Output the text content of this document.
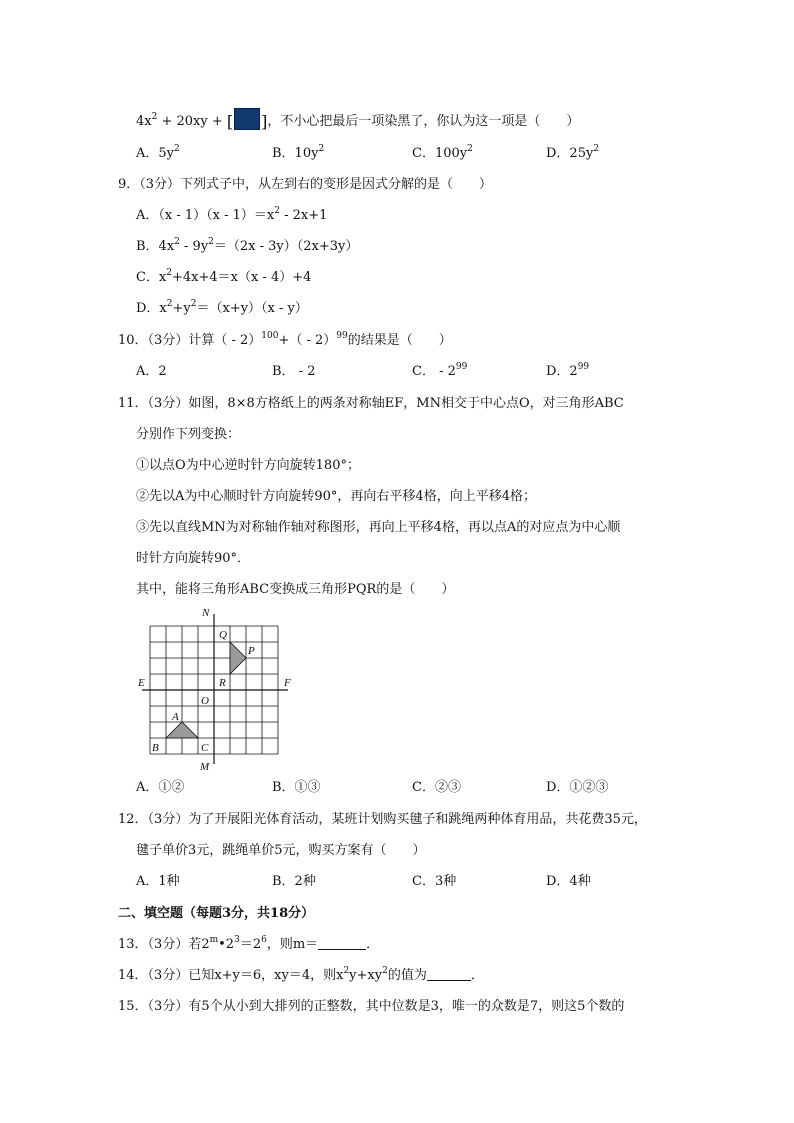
$4x^2 + 20xy$ + [ ]，不小心把最后一项染黑了，你认为这一项是（　　）
A．$5y^2$	B．$10y^2$	C．$100y^2$	D．$25y^2$
9．（3分）下列式子中，从左到右的变形是因式分解的是（　　）
A．$(x - 1)(x - 1)=x^2 - 2x+1$
B．$4x^2 - 9y^2=(2x - 3y)(2x+3y)$
C．$x^2+4x+4=x(x - 4)+4$
D．$x^2+y^2=(x+y)(x - y)$
10．（3分）计算（ - 2）$^{100}$+（ - 2）$^{99}$的结果是（　　）
A．2	B． - 2	C． - $2^{99}$	D．$2^{99}$
11．（3分）如图，8×8方格纸上的两条对称轴EF，MN相交于中心点O，对三角形ABC
分别作下列变换：
①以点O为中心逆时针方向旋转180°；
②先以A为中心顺时针方向旋转90°，再向右平移4格，向上平移4格；
③先以直线MN为对称轴作轴对称图形，再向上平移4格，再以点A的对应点为中心顺
时针方向旋转90°．
其中，能将三角形ABC变换成三角形PQR的是（　　）
N
M
E	F
O
A
B	C
P
Q
R
A．①②	B．①③	C．②③	D．①②③
12．（3分）为了开展阳光体育活动，某班计划购买毽子和跳绳两种体育用品，共花费35元，
毽子单价3元，跳绳单价5元，购买方案有（　　）
A．1种	B．2种	C．3种	D．4种
二、填空题（每题3分，共18分）
13．（3分）若$2^m•2^3=2^6$，则m＝	．
14．（3分）已知x+y＝6，xy＝4，则$x^2y+xy^2$的值为	．
15．（3分）有5个从小到大排列的正整数，其中位数是3，唯一的众数是7，则这5个数的
